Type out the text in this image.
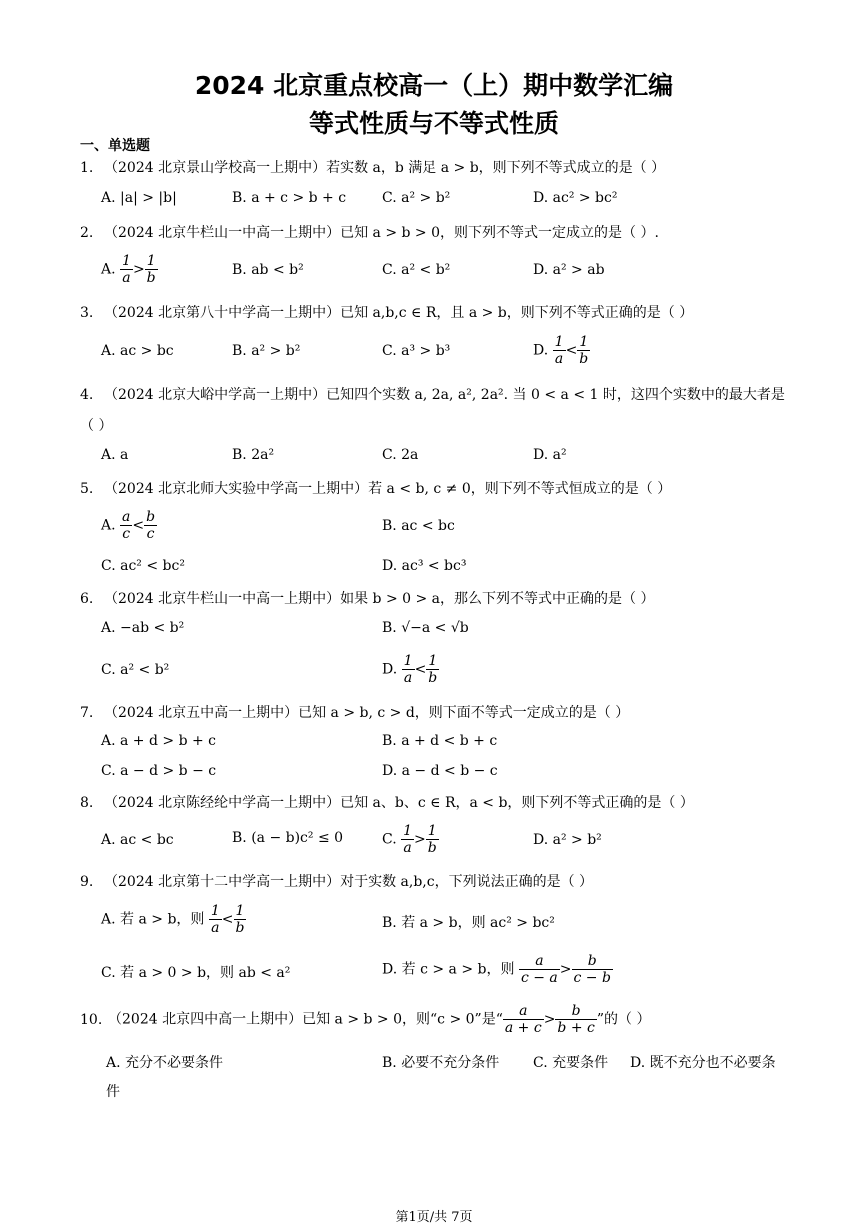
2024 北京重点校高一（上）期中数学汇编
等式性质与不等式性质
一、单选题
1. （2024 北京景山学校高一上期中）若实数 a，b 满足 a > b，则下列不等式成立的是（ ）
A. |a| > |b|	B. a + c > b + c	C. a² > b²	D. ac² > bc²
2. （2024 北京牛栏山一中高一上期中）已知 a > b > 0，则下列不等式一定成立的是（ ）.
A. $\frac{1}{a} > \frac{1}{b}$	B. ab < b²	C. a² < b²	D. a² > ab
3. （2024 北京第八十中学高一上期中）已知 a,b,c ∈ R，且 a > b，则下列不等式正确的是（ ）
A. ac > bc	B. a² > b²	C. a³ > b³	D. $\frac{1}{a} < \frac{1}{b}$
4. （2024 北京大峪中学高一上期中）已知四个实数 a, 2a, a², 2a². 当 0 < a < 1 时，这四个实数中的最大者是
（ ）
A. a	B. 2a²	C. 2a	D. a²
5. （2024 北京北师大实验中学高一上期中）若 a < b, c ≠ 0，则下列不等式恒成立的是（ ）
A. $\frac{a}{c} < \frac{b}{c}$	B. ac < bc
C. ac² < bc²	D. ac³ < bc³
6. （2024 北京牛栏山一中高一上期中）如果 b > 0 > a，那么下列不等式中正确的是（ ）
A. −ab < b²	B. √−a < √b
C. a² < b²	D. $\frac{1}{a} < \frac{1}{b}$
7. （2024 北京五中高一上期中）已知 a > b, c > d，则下面不等式一定成立的是（ ）
A. a + d > b + c	B. a + d < b + c
C. a − d > b − c	D. a − d < b − c
8. （2024 北京陈经纶中学高一上期中）已知 a、b、c ∈ R，a < b，则下列不等式正确的是（ ）
A. ac < bc	B. (a − b)c² ≤ 0	C. $\frac{1}{a} > \frac{1}{b}$	D. a² > b²
9. （2024 北京第十二中学高一上期中）对于实数 a,b,c，下列说法正确的是（ ）
A. 若 a > b，则 $\frac{1}{a} < \frac{1}{b}$	B. 若 a > b，则 ac² > bc²
C. 若 a > 0 > b，则 ab < a²	D. 若 c > a > b，则 $\frac{a}{c - a} > \frac{b}{c - b}$
10. （2024 北京四中高一上期中）已知 a > b > 0，则“c > 0”是“ $\frac{a}{a + c} > \frac{b}{b + c}$ ”的（ ）
A. 充分不必要条件	B. 必要不充分条件 C. 充要条件 D. 既不充分也不必要条
件
第1页/共 7页
